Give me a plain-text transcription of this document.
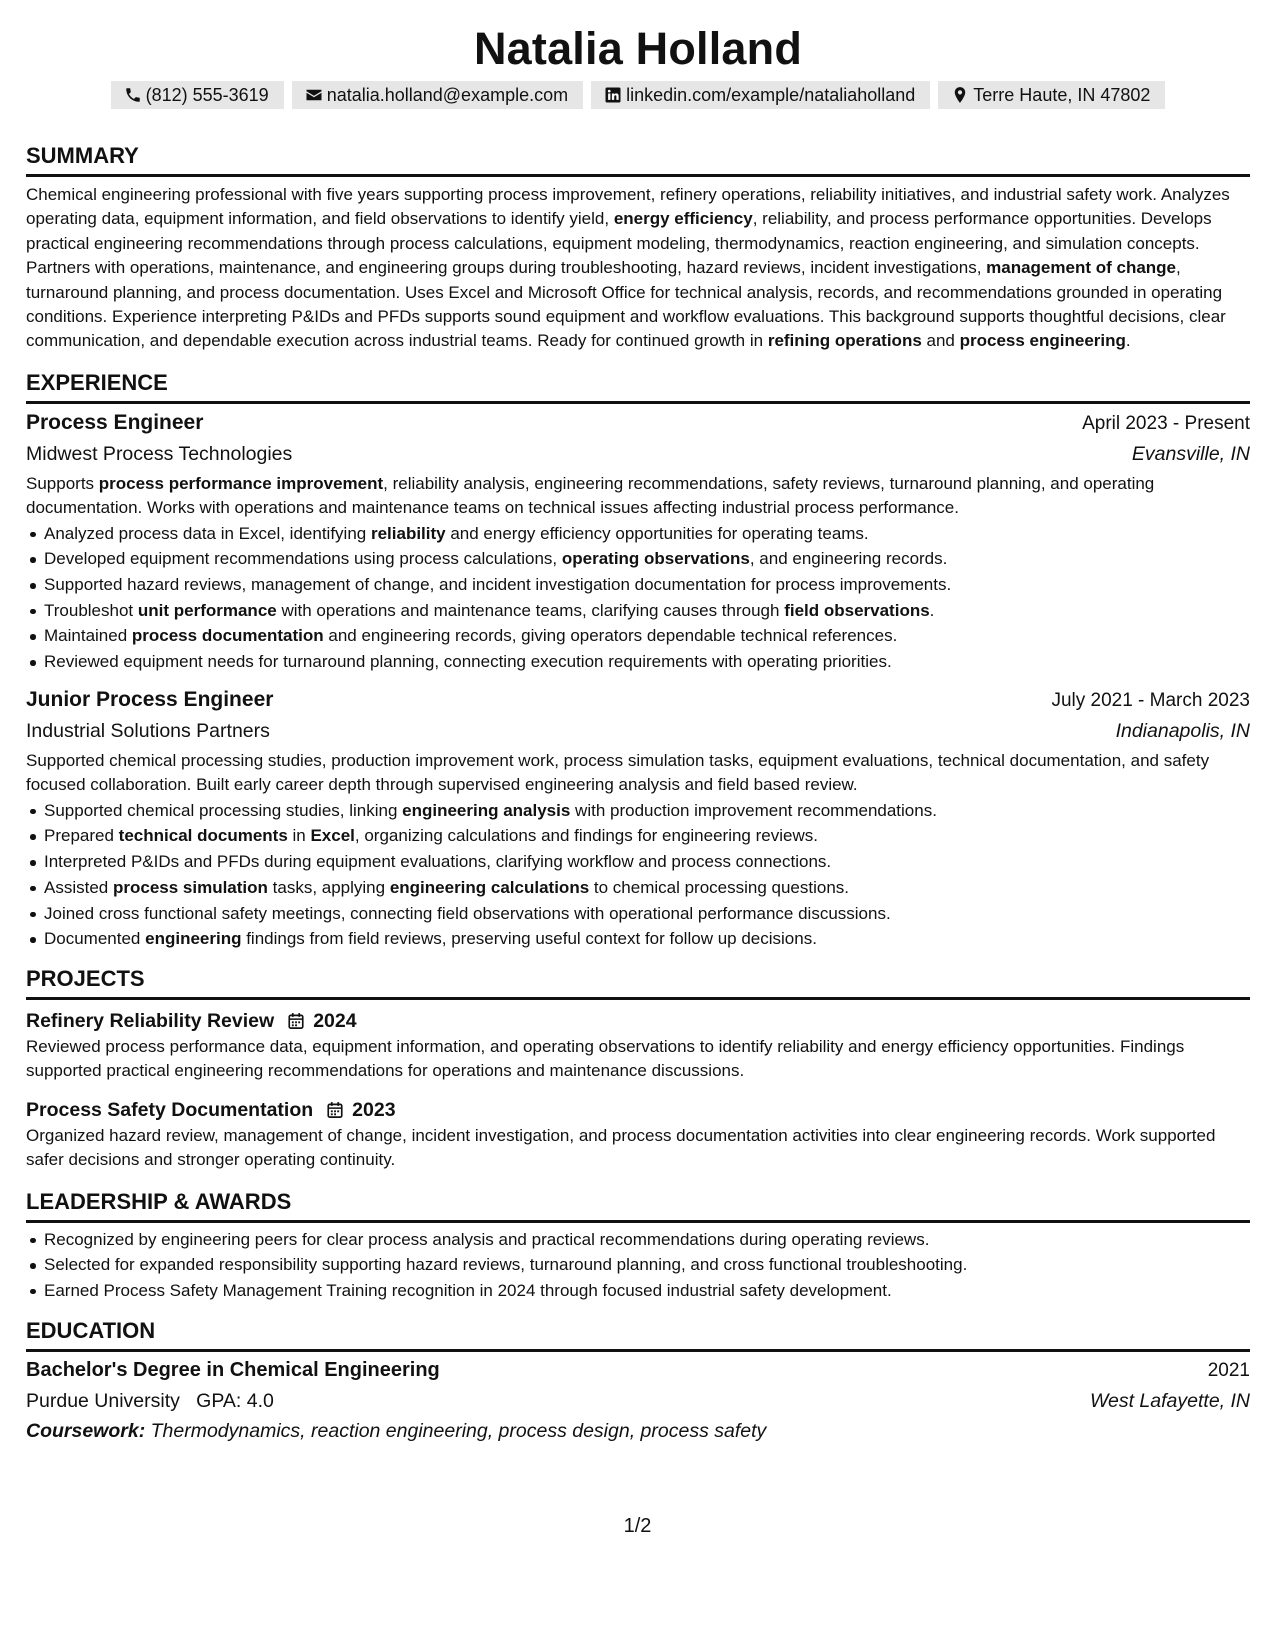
Natalia Holland
(812) 555-3619	natalia.holland@example.com	linkedin.com/example/nataliaholland	Terre Haute, IN 47802
SUMMARY
Chemical engineering professional with five years supporting process improvement, refinery operations, reliability initiatives, and industrial safety work. Analyzes operating data, equipment information, and field observations to identify yield, energy efficiency, reliability, and process performance opportunities. Develops practical engineering recommendations through process calculations, equipment modeling, thermodynamics, reaction engineering, and simulation concepts. Partners with operations, maintenance, and engineering groups during troubleshooting, hazard reviews, incident investigations, management of change, turnaround planning, and process documentation. Uses Excel and Microsoft Office for technical analysis, records, and recommendations grounded in operating conditions. Experience interpreting P&IDs and PFDs supports sound equipment and workflow evaluations. This background supports thoughtful decisions, clear communication, and dependable execution across industrial teams. Ready for continued growth in refining operations and process engineering.
EXPERIENCE
Process Engineer	April 2023 - Present
Midwest Process Technologies	Evansville, IN
Supports process performance improvement, reliability analysis, engineering recommendations, safety reviews, turnaround planning, and operating documentation. Works with operations and maintenance teams on technical issues affecting industrial process performance.
Analyzed process data in Excel, identifying reliability and energy efficiency opportunities for operating teams.
Developed equipment recommendations using process calculations, operating observations, and engineering records.
Supported hazard reviews, management of change, and incident investigation documentation for process improvements.
Troubleshot unit performance with operations and maintenance teams, clarifying causes through field observations.
Maintained process documentation and engineering records, giving operators dependable technical references.
Reviewed equipment needs for turnaround planning, connecting execution requirements with operating priorities.
Junior Process Engineer	July 2021 - March 2023
Industrial Solutions Partners	Indianapolis, IN
Supported chemical processing studies, production improvement work, process simulation tasks, equipment evaluations, technical documentation, and safety focused collaboration. Built early career depth through supervised engineering analysis and field based review.
Supported chemical processing studies, linking engineering analysis with production improvement recommendations.
Prepared technical documents in Excel, organizing calculations and findings for engineering reviews.
Interpreted P&IDs and PFDs during equipment evaluations, clarifying workflow and process connections.
Assisted process simulation tasks, applying engineering calculations to chemical processing questions.
Joined cross functional safety meetings, connecting field observations with operational performance discussions.
Documented engineering findings from field reviews, preserving useful context for follow up decisions.
PROJECTS
Refinery Reliability Review 2024
Reviewed process performance data, equipment information, and operating observations to identify reliability and energy efficiency opportunities. Findings supported practical engineering recommendations for operations and maintenance discussions.
Process Safety Documentation 2023
Organized hazard review, management of change, incident investigation, and process documentation activities into clear engineering records. Work supported safer decisions and stronger operating continuity.
LEADERSHIP & AWARDS
Recognized by engineering peers for clear process analysis and practical recommendations during operating reviews.
Selected for expanded responsibility supporting hazard reviews, turnaround planning, and cross functional troubleshooting.
Earned Process Safety Management Training recognition in 2024 through focused industrial safety development.
EDUCATION
Bachelor's Degree in Chemical Engineering	2021
Purdue University GPA: 4.0	West Lafayette, IN
Coursework: Thermodynamics, reaction engineering, process design, process safety
1/2
